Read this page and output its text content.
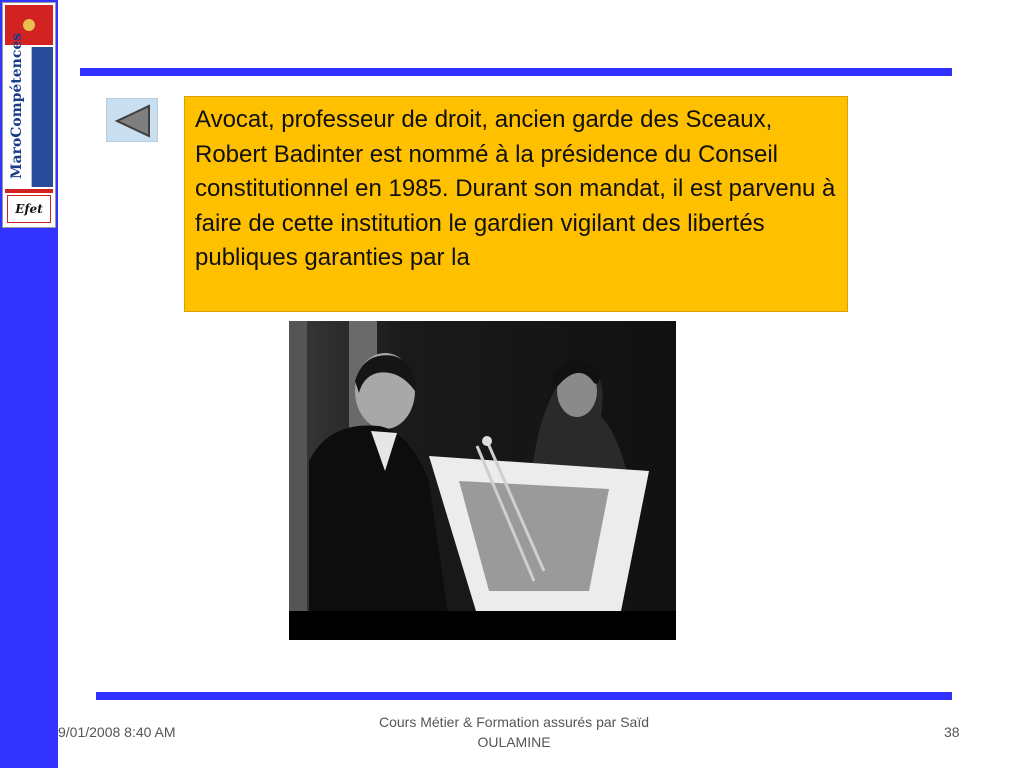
MaroCompétences
Efet
Avocat, professeur de droit, ancien garde des Sceaux, Robert Badinter est nommé à la présidence du Conseil constitutionnel en 1985. Durant son mandat, il est parvenu à faire de cette institution le gardien vigilant des libertés publiques garanties par la
9/01/2008 8:40 AM
Cours Métier & Formation assurés par Saïd
OULAMINE
38
